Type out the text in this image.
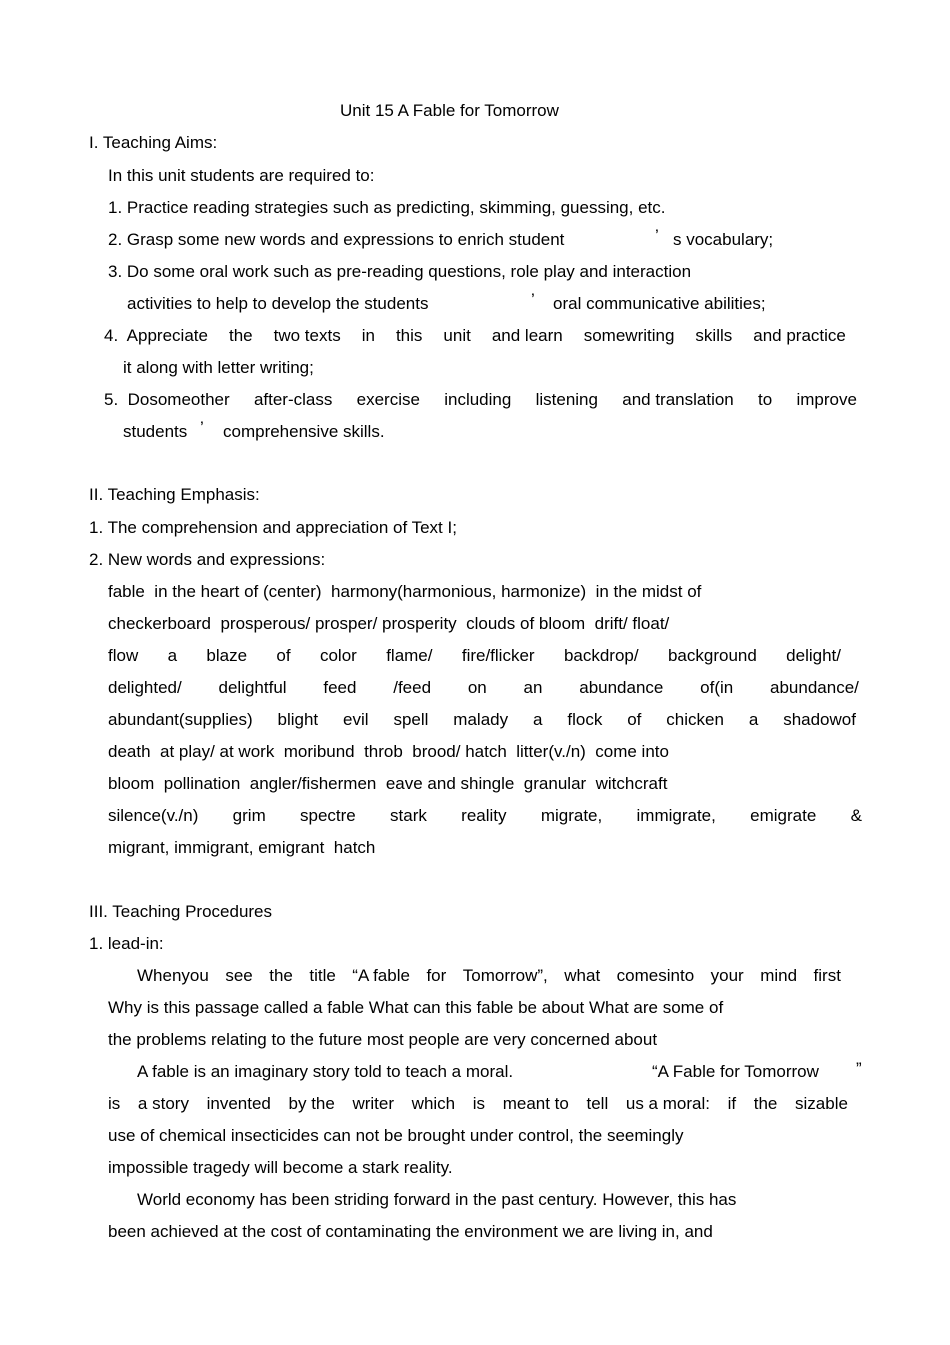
Unit 15 A Fable for Tomorrow
I. Teaching Aims:
In this unit students are required to:
1. Practice reading strategies such as predicting, skimming, guessing, etc.
2. Grasp some new words and expressions to enrich student	’ s vocabulary;
3. Do some oral work such as pre-reading questions, role play and interaction
activities to help to develop the students	’ oral communicative abilities;
4.  Appreciate the two texts in this unit and learn somewriting skills and practice
it along with letter writing;
5.  Dosomeother after-class exercise including listening and translation to improve
students ’ comprehensive skills.
II. Teaching Emphasis:
1. The comprehension and appreciation of Text I;
2. New words and expressions:
fable  in the heart of (center)  harmony(harmonious, harmonize)  in the midst of
checkerboard  prosperous/ prosper/ prosperity  clouds of bloom  drift/ float/
flow a blaze of color flame/ fire/flicker backdrop/ background delight/
delighted/ delightful feed /feed on an abundance of(in abundance/
abundant(supplies) blight evil spell malady a flock of chicken a shadowof
death  at play/ at work  moribund  throb  brood/ hatch  litter(v./n)  come into
bloom  pollination  angler/fishermen  eave and shingle  granular  witchcraft
silence(v./n) grim spectre stark reality migrate, immigrate, emigrate &
migrant, immigrant, emigrant  hatch
III. Teaching Procedures
1. lead-in:
Whenyou see the title “A fable for Tomorrow”, what comesinto your mind first
Why is this passage called a fable What can this fable be about What are some of
the problems relating to the future most people are very concerned about
A fable is an imaginary story told to teach a moral.	“A Fable for Tomorrow ”
is a story invented by the writer which is meant to tell us a moral: if the sizable
use of chemical insecticides can not be brought under control, the seemingly
impossible tragedy will become a stark reality.
World economy has been striding forward in the past century. However, this has
been achieved at the cost of contaminating the environment we are living in, and
